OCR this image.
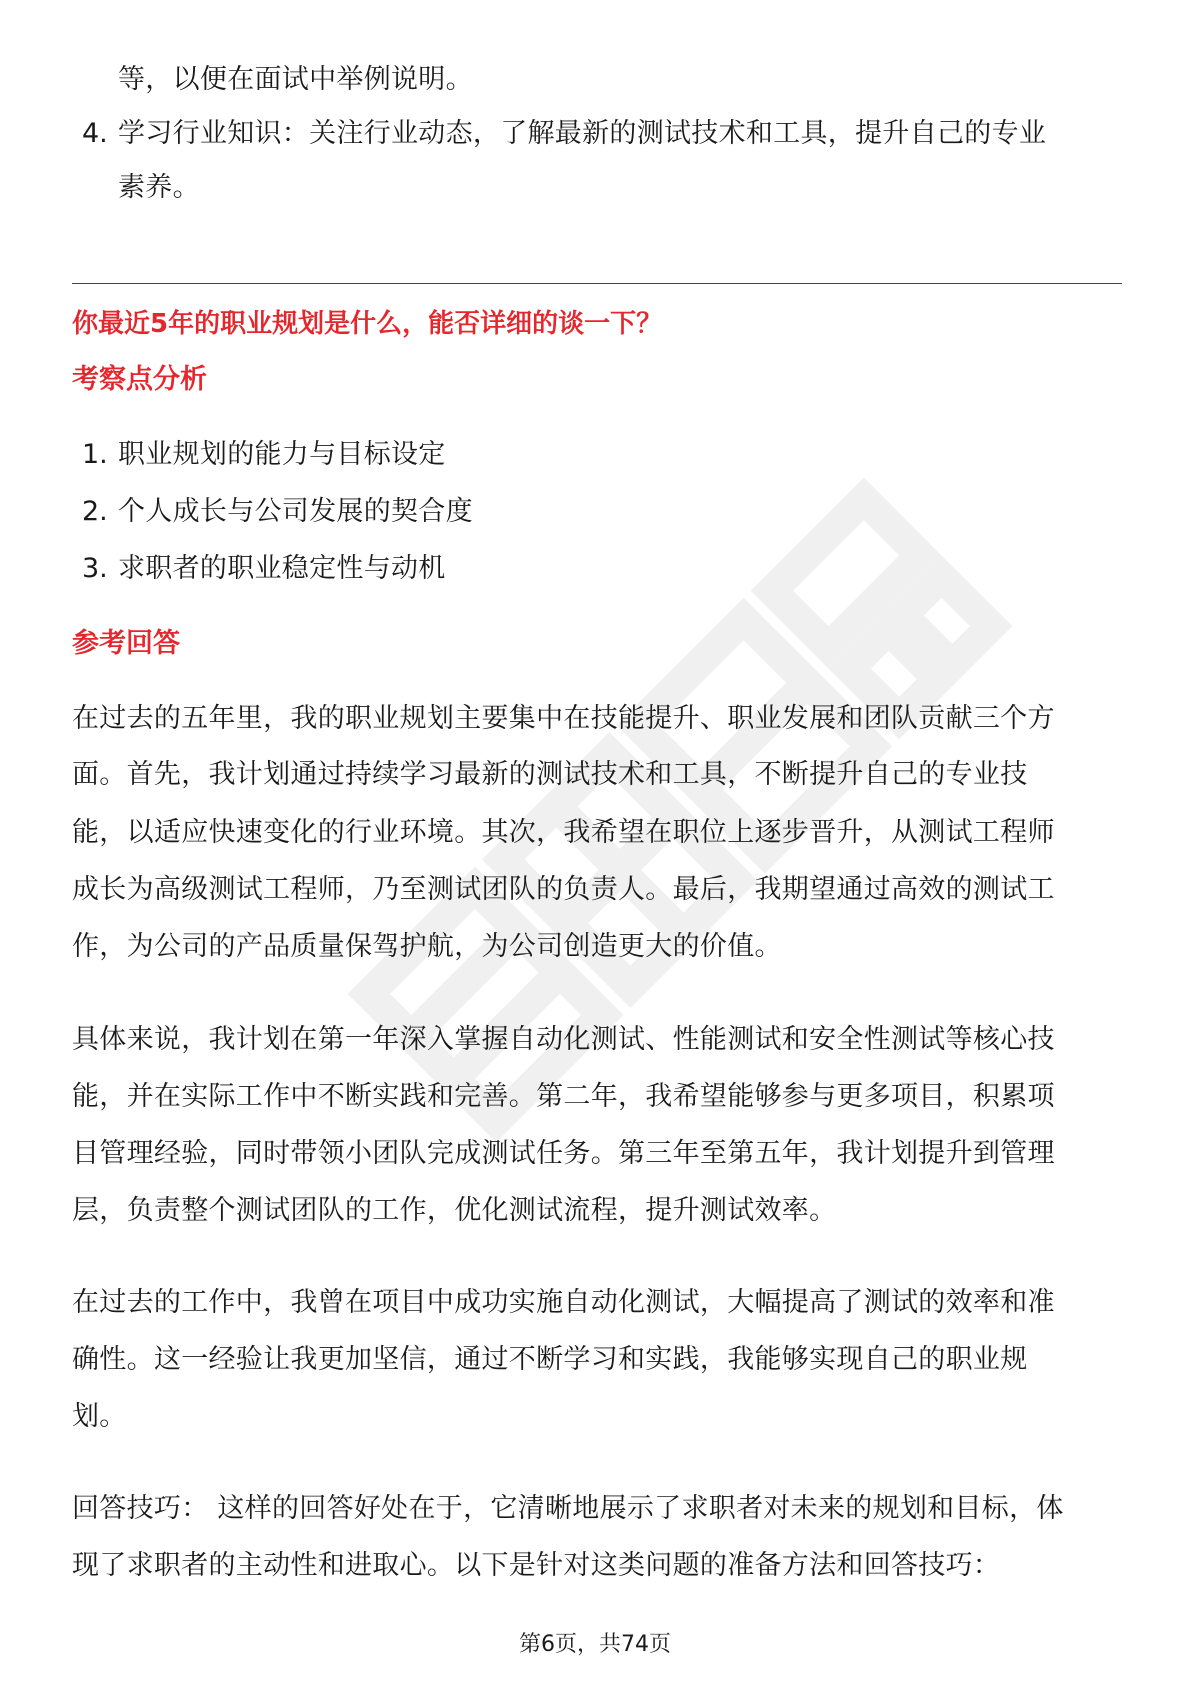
等，以便在面试中举例说明。
4. 学习行业知识：关注行业动态，了解最新的测试技术和工具，提升自己的专业
素养。
你最近5年的职业规划是什么，能否详细的谈一下？
考察点分析
1. 职业规划的能力与目标设定
2. 个人成长与公司发展的契合度
3. 求职者的职业稳定性与动机
参考回答
在过去的五年里，我的职业规划主要集中在技能提升、职业发展和团队贡献三个方
面。首先，我计划通过持续学习最新的测试技术和工具，不断提升自己的专业技
能，以适应快速变化的行业环境。其次，我希望在职位上逐步晋升，从测试工程师
成长为高级测试工程师，乃至测试团队的负责人。最后，我期望通过高效的测试工
作，为公司的产品质量保驾护航，为公司创造更大的价值。
具体来说，我计划在第一年深入掌握自动化测试、性能测试和安全性测试等核心技
能，并在实际工作中不断实践和完善。第二年，我希望能够参与更多项目，积累项
目管理经验，同时带领小团队完成测试任务。第三年至第五年，我计划提升到管理
层，负责整个测试团队的工作，优化测试流程，提升测试效率。
在过去的工作中，我曾在项目中成功实施自动化测试，大幅提高了测试的效率和准
确性。这一经验让我更加坚信，通过不断学习和实践，我能够实现自己的职业规
划。
回答技巧： 这样的回答好处在于，它清晰地展示了求职者对未来的规划和目标，体
现了求职者的主动性和进取心。以下是针对这类问题的准备方法和回答技巧：
第6页，共74页
